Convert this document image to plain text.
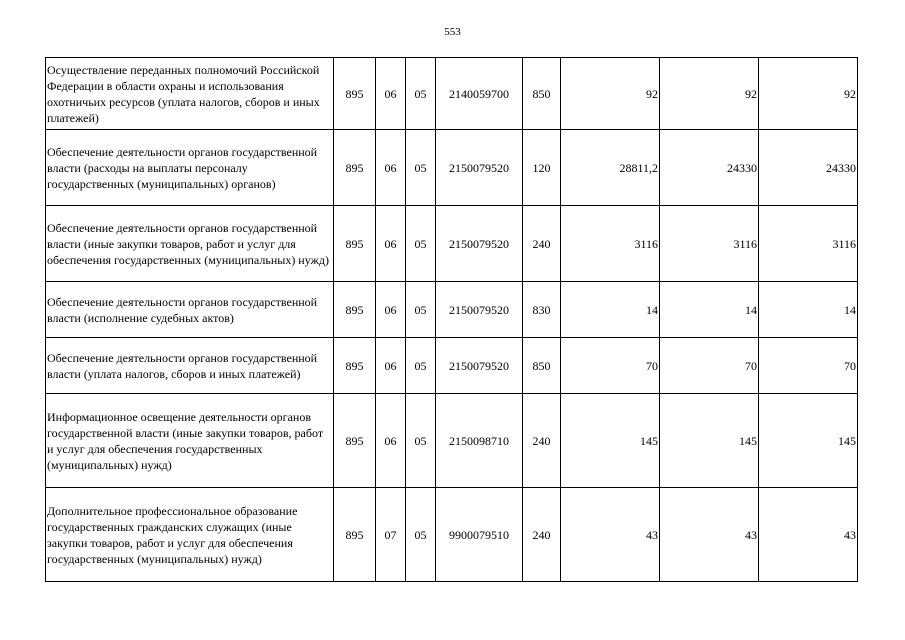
553
Осуществление переданных полномочий Российской Федерации в области охраны и использования охотничьих ресурсов (уплата налогов, сборов и иных платежей)	895	06	05	2140059700	850	92	92	92
Обеспечение деятельности органов государственной власти (расходы на выплаты персоналу государственных (муниципальных) органов)	895	06	05	2150079520	120	28811,2	24330	24330
Обеспечение деятельности органов государственной власти (иные закупки товаров, работ и услуг для обеспечения государственных (муниципальных) нужд)	895	06	05	2150079520	240	3116	3116	3116
Обеспечение деятельности органов государственной власти (исполнение судебных актов)	895	06	05	2150079520	830	14	14	14
Обеспечение деятельности органов государственной власти (уплата налогов, сборов и иных платежей)	895	06	05	2150079520	850	70	70	70
Информационное освещение деятельности органов государственной власти (иные закупки товаров, работ и услуг для обеспечения государственных (муниципальных) нужд)	895	06	05	2150098710	240	145	145	145
Дополнительное профессиональное образование государственных гражданских служащих (иные закупки товаров, работ и услуг для обеспечения государственных (муниципальных) нужд)	895	07	05	9900079510	240	43	43	43
